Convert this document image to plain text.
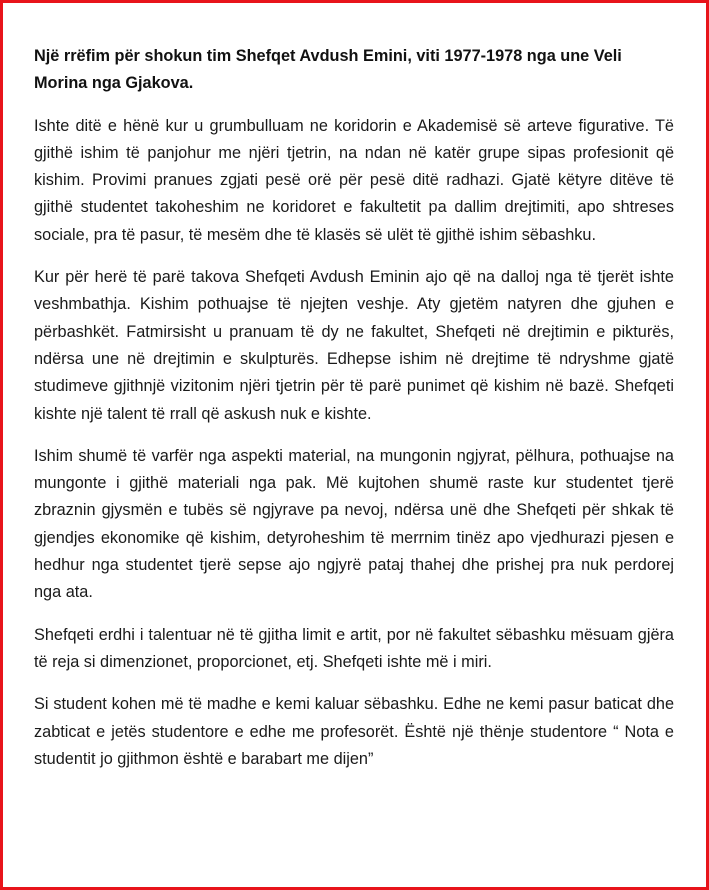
Një rrëfim për shokun tim Shefqet Avdush Emini, viti 1977-1978 nga une Veli Morina nga Gjakova.

Ishte ditë e hënë kur u grumbulluam ne koridorin e Akademisë së arteve figurative. Të gjithë ishim të panjohur me njëri tjetrin, na ndan në katër grupe sipas profesionit që kishim. Provimi pranues zgjati pesë orë për pesë ditë radhazi. Gjatë këtyre ditëve të gjithë studentet takoheshim ne koridoret e fakultetit pa dallim drejtimiti, apo shtreses sociale, pra të pasur, të mesëm dhe të klasës së ulët të gjithë ishim sëbashku.

Kur për herë të parë takova Shefqeti Avdush Eminin ajo që na dalloj nga të tjerët ishte veshmbathja. Kishim pothuajse të njejten veshje. Aty gjetëm natyren dhe gjuhen e përbashkët. Fatmirsisht u pranuam të dy ne fakultet, Shefqeti në drejtimin e pikturës, ndërsa une në drejtimin e skulpturës. Edhepse ishim në drejtime të ndryshme gjatë studimeve gjithnjë vizitonim njëri tjetrin për të parë punimet që kishim në bazë. Shefqeti kishte një talent të rrall që askush nuk e kishte.

Ishim shumë të varfër nga aspekti material, na mungonin ngjyrat, pëlhura, pothuajse na mungonte i gjithë materiali nga pak. Më kujtohen shumë raste kur studentet tjerë zbraznin gjysmën e tubës së ngjyrave pa nevoj, ndërsa unë dhe Shefqeti për shkak të gjendjes ekonomike që kishim, detyroheshim të merrnim tinëz apo vjedhurazi pjesen e hedhur nga studentet tjerë sepse ajo ngjyrë pataj thahej dhe prishej pra nuk perdorej nga ata.

Shefqeti erdhi i talentuar në të gjitha limit e artit, por në fakultet sëbashku mësuam gjëra të reja si dimenzionet, proporcionet, etj. Shefqeti ishte më i miri.

Si student kohen më të madhe e kemi kaluar sëbashku. Edhe ne kemi pasur baticat dhe zabticat e jetës studentore e edhe me profesorët. Është një thënje studentore “ Nota e studentit jo gjithmon është e barabart me dijen”
